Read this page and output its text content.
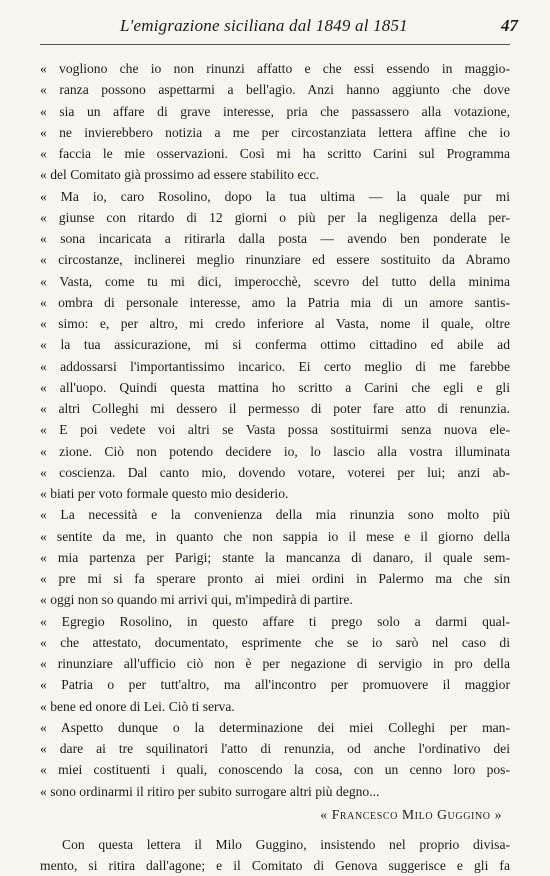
L'emigrazione siciliana dal 1849 al 1851	47
« vogliono che io non rinunzi affatto e che essi essendo in maggio-
« ranza possono aspettarmi a bell'agio. Anzi hanno aggiunto che dove
« sia un affare di grave interesse, pria che passassero alla votazione,
« ne invierebbero notizia a me per circostanziata lettera affine che io
« faccia le mie osservazioni. Così mi ha scritto Carini sul Programma
« del Comitato già prossimo ad essere stabilito ecc.
« Ma io, caro Rosolino, dopo la tua ultima — la quale pur mi
« giunse con ritardo di 12 giorni o più per la negligenza della per-
« sona incaricata a ritirarla dalla posta — avendo ben ponderate le
« circostanze, inclinerei meglio rinunziare ed essere sostituito da Abramo
« Vasta, come tu mi dici, imperocchè, scevro del tutto della minima
« ombra di personale interesse, amo la Patria mia di un amore santis-
« simo: e, per altro, mi credo inferiore al Vasta, nome il quale, oltre
« la tua assicurazione, mi si conferma ottimo cittadino ed abile ad
« addossarsi l'importantissimo incarico. Ei certo meglio di me farebbe
« all'uopo. Quindi questa mattina ho scritto a Carini che egli e gli
« altri Colleghi mi dessero il permesso di poter fare atto di renunzia.
« E poi vedete voi altri se Vasta possa sostituirmi senza nuova ele-
« zione. Ciò non potendo decidere io, lo lascio alla vostra illuminata
« coscienza. Dal canto mio, dovendo votare, voterei per lui; anzi ab-
« biati per voto formale questo mio desiderio.
« La necessità e la convenienza della mia rinunzia sono molto più
« sentite da me, in quanto che non sappia io il mese e il giorno della
« mia partenza per Parigi; stante la mancanza di danaro, il quale sem-
« pre mi si fa sperare pronto ai miei ordini in Palermo ma che sin
« oggi non so quando mi arrivi qui, m'impedirà di partire.
« Egregio Rosolino, in questo affare ti prego solo a darmi qual-
« che attestato, documentato, esprimente che se io sarò nel caso di
« rinunziare all'ufficio ciò non è per negazione di servigio in pro della
« Patria o per tutt'altro, ma all'incontro per promuovere il maggior
« bene ed onore di Lei. Ciò ti serva.
« Aspetto dunque o la determinazione dei miei Colleghi per man-
« dare ai tre squilinatori l'atto di renunzia, od anche l'ordinativo dei
« miei costituenti i quali, conoscendo la cosa, con un cenno loro pos-
« sono ordinarmi il ritiro per subito surrogare altri più degno...
« Francesco Milo Guggino »
Con questa lettera il Milo Guggino, insistendo nel proprio divisa-
mento, si ritira dall'agone; e il Comitato di Genova suggerisce e gli fa
